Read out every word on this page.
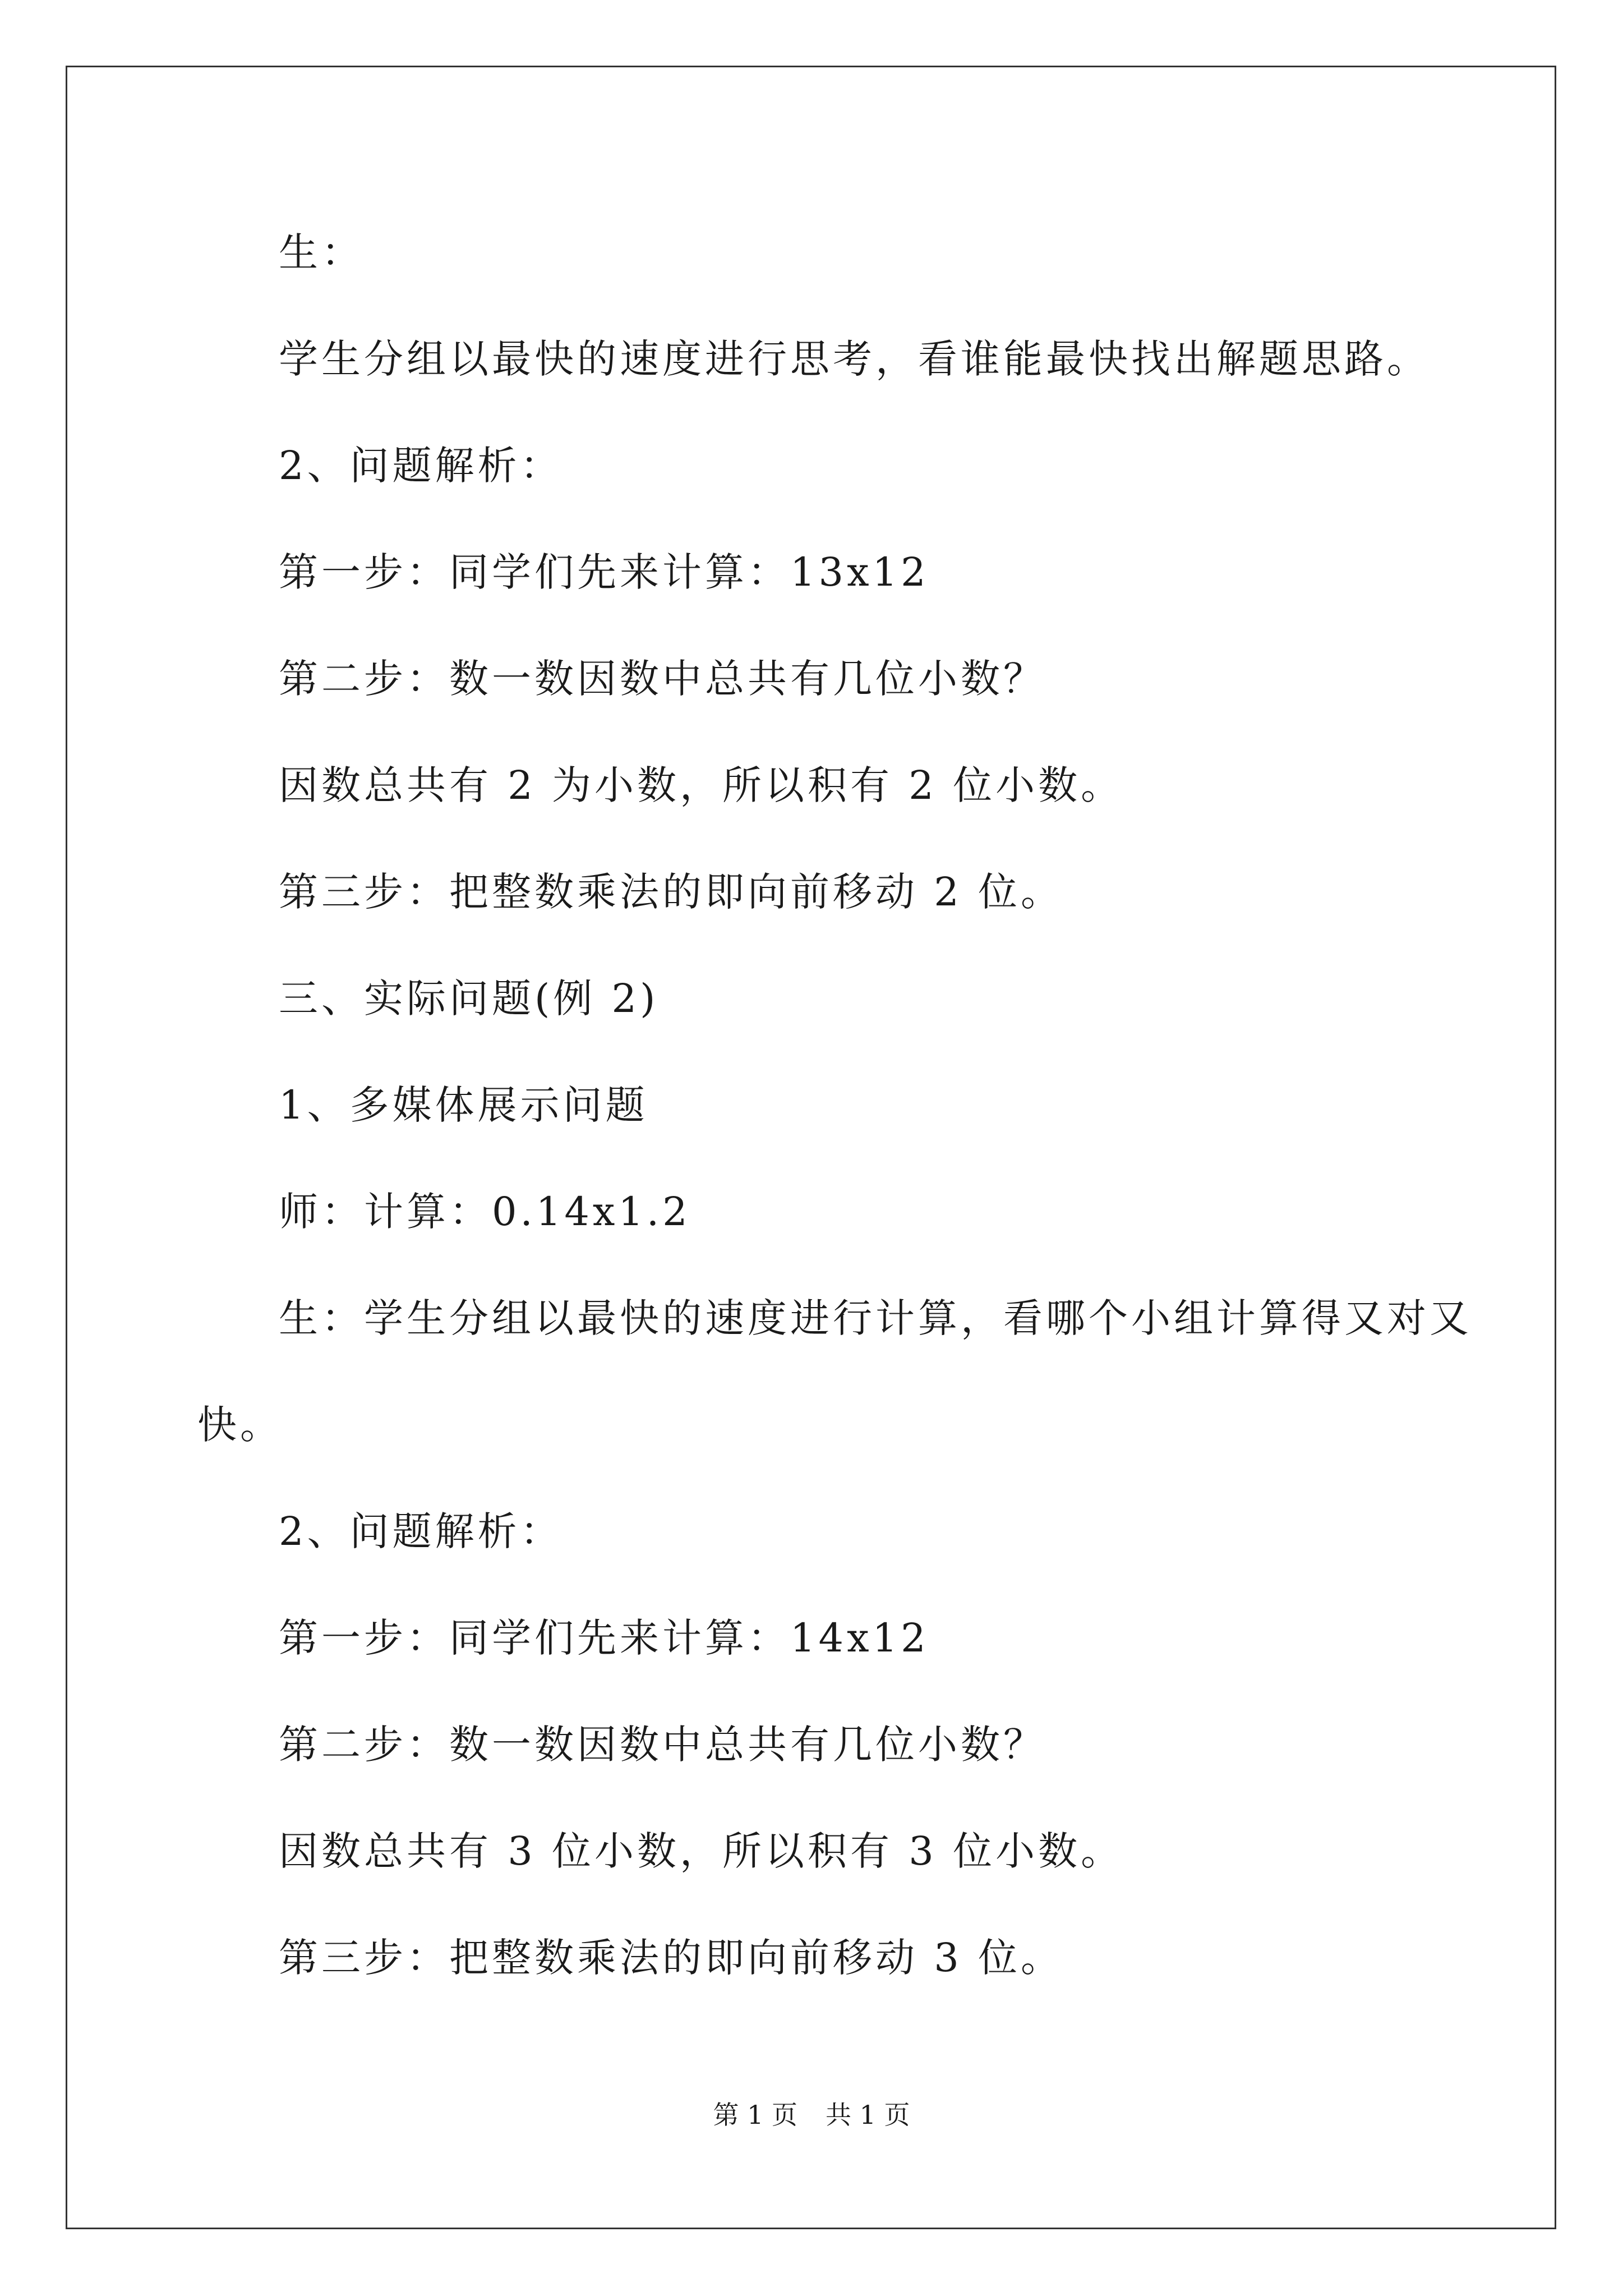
生：
学生分组以最快的速度进行思考，看谁能最快找出解题思路。
2、问题解析：
第一步：同学们先来计算：13x12
第二步：数一数因数中总共有几位小数？
因数总共有 2 为小数，所以积有 2 位小数。
第三步：把整数乘法的即向前移动 2 位。
三、实际问题(例 2)
1、多媒体展示问题
师：计算：0.14x1.2
生：学生分组以最快的速度进行计算，看哪个小组计算得又对又
快。
2、问题解析：
第一步：同学们先来计算：14x12
第二步：数一数因数中总共有几位小数？
因数总共有 3 位小数，所以积有 3 位小数。
第三步：把整数乘法的即向前移动 3 位。
第 1 页 共 1 页
